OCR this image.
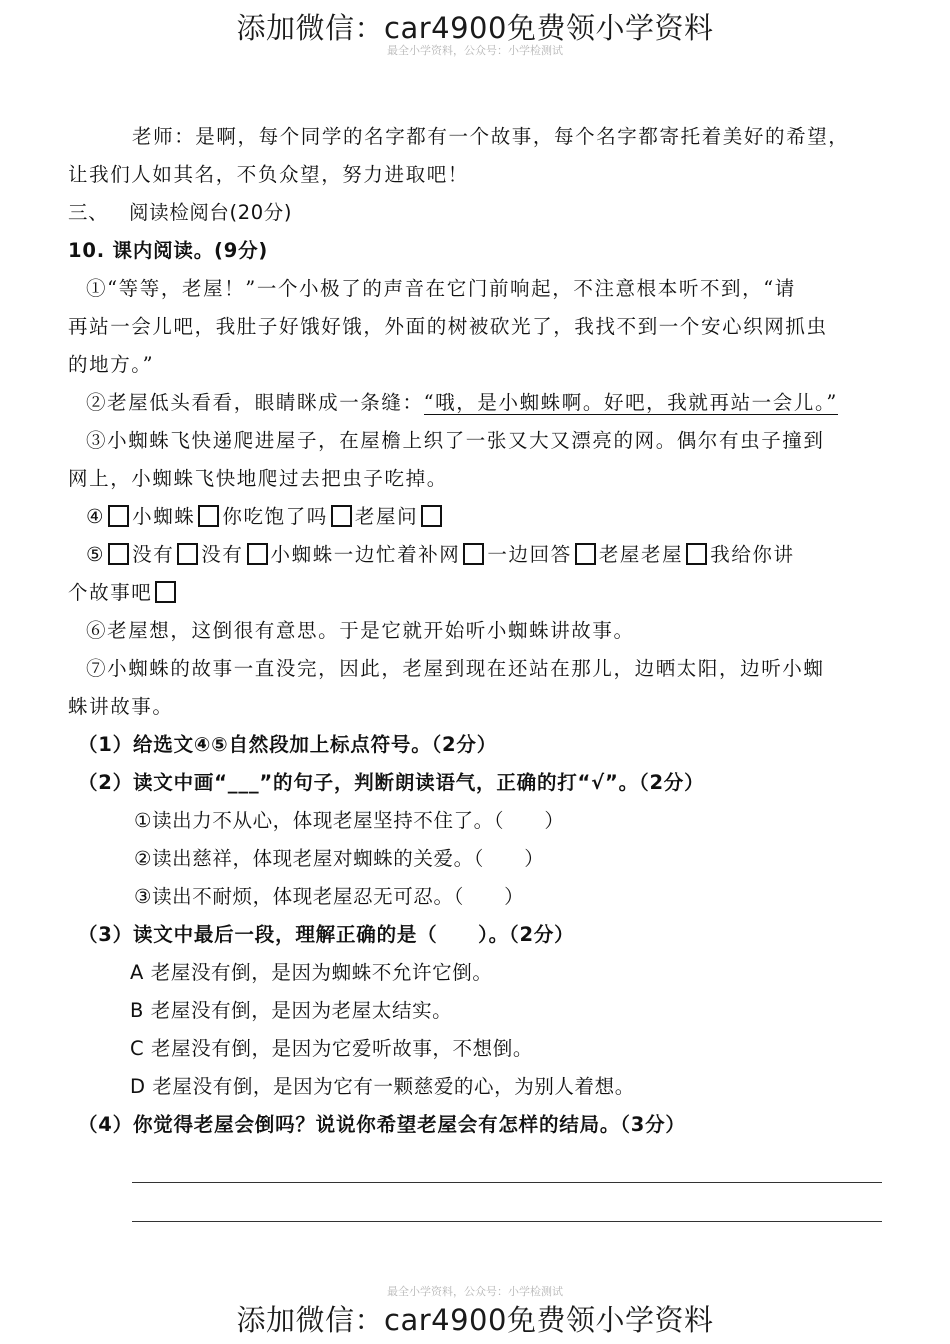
添加微信：car4900免费领小学资料
最全小学资料，公众号：小学检测试
老师：是啊，每个同学的名字都有一个故事，每个名字都寄托着美好的希望，
让我们人如其名，不负众望，努力进取吧！
三、 阅读检阅台(20分)
10. 课内阅读。(9分)
①“等等，老屋！”一个小极了的声音在它门前响起，不注意根本听不到，“请
再站一会儿吧，我肚子好饿好饿，外面的树被砍光了，我找不到一个安心织网抓虫
的地方。”
②老屋低头看看，眼睛眯成一条缝：“哦，是小蜘蛛啊。好吧，我就再站一会儿。”
③小蜘蛛飞快递爬进屋子，在屋檐上织了一张又大又漂亮的网。偶尔有虫子撞到
网上，小蜘蛛飞快地爬过去把虫子吃掉。
④ 小蜘蛛 你吃饱了吗 老屋问
⑤ 没有 没有 小蜘蛛一边忙着补网 一边回答 老屋老屋 我给你讲
个故事吧
⑥老屋想，这倒很有意思。于是它就开始听小蜘蛛讲故事。
⑦小蜘蛛的故事一直没完，因此，老屋到现在还站在那儿，边晒太阳，边听小蜘
蛛讲故事。
（1）给选文④⑤自然段加上标点符号。（2分）
（2）读文中画“___”的句子，判断朗读语气，正确的打“√”。（2分）
①读出力不从心，体现老屋坚持不住了。（　　）
②读出慈祥，体现老屋对蜘蛛的关爱。（　　）
③读出不耐烦，体现老屋忍无可忍。（　　）
（3）读文中最后一段，理解正确的是（　　）。（2分）
A 老屋没有倒，是因为蜘蛛不允许它倒。
B 老屋没有倒，是因为老屋太结实。
C 老屋没有倒，是因为它爱听故事，不想倒。
D 老屋没有倒，是因为它有一颗慈爱的心，为别人着想。
（4）你觉得老屋会倒吗？说说你希望老屋会有怎样的结局。（3分）
最全小学资料，公众号：小学检测试
添加微信：car4900免费领小学资料
